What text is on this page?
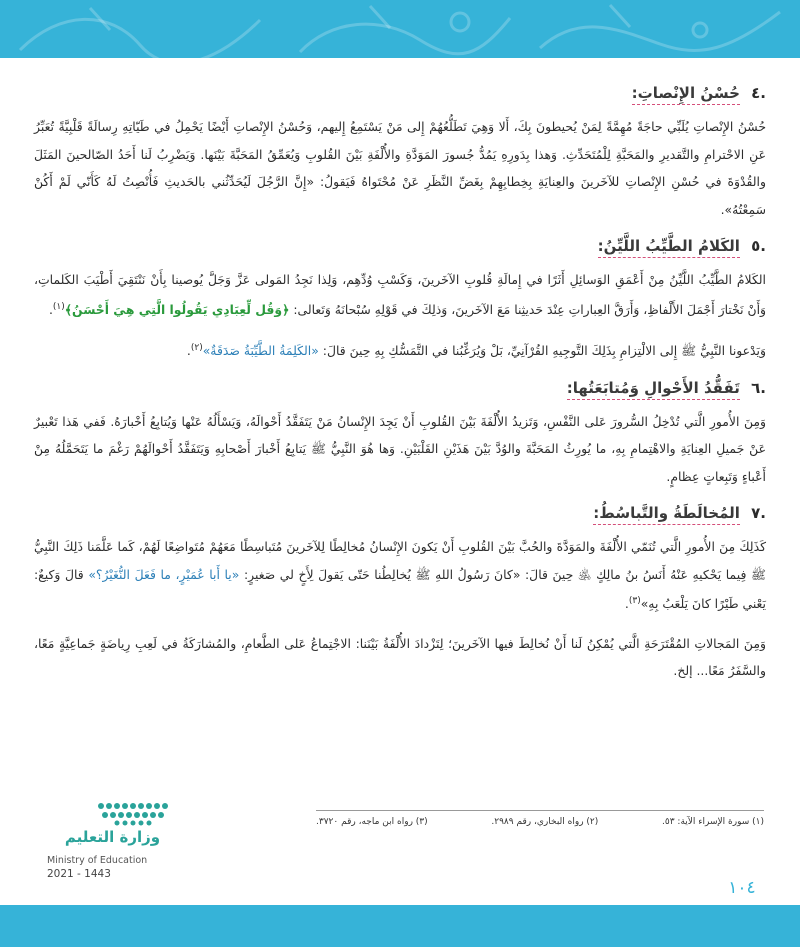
.٤ حُسْنُ الإِنْصاتِ:

حُسْنُ الإِنْصاتِ يُلَبِّي حاجَةً مُهِمَّةً لِمَنْ يُحيطونَ بِكَ، أَلا وَهِيَ تَطَلُّعُهُمْ إِلى مَنْ يَسْتَمِعُ إِليهم، وَحُسْنُ الإِنْصاتِ أَيْضًا يَحْمِلُ في طَيّاتِهِ رِسالَةً قَلْبِيَّةً تُعَبِّرُ عَنِ الاحْترامِ والتَّقديرِ والمَحَبَّةِ لِلْمُتَحَدِّثِ. وَهذا بِدَورِهِ يَمُدُّ جُسورَ المَوَدَّةِ والأُلْفَةِ بَيْنَ القُلوبِ وَيُعَمِّقُ المَحَبَّةَ بَيْنَها. وَيَضْرِبُ لَنا أَحَدُ الصّالحينَ المَثَلَ والقُدْوَةَ في حُسْنِ الإِنْصاتِ للآخَرينَ والعِنايَةِ بِخِطابِهِمْ بِغَضِّ النَّظَرِ عَنْ مُحْتَواهُ فَيَقولُ: «إِنَّ الرَّجُلَ لَيُحَدِّثُني بالحَديثِ فَأُنْصِتُ لَهُ كَأَنّي لَمْ أَكُنْ سَمِعْتُهُ».

.٥ الكَلامُ الطَّيِّبُ اللَّيِّنُ:

الكَلامُ الطَّيِّبُ اللَّيِّنُ مِنْ أَعْمَقِ الوَسائِلِ أَثَرًا في إِمالَةِ قُلوبِ الآخَرينَ، وَكَسْبِ وُدِّهِم، وَلِذا نَجِدُ المَولى عَزَّ وَجَلَّ يُوصينا بِأَنْ نَنْتَقِيَ أَطْيَبَ الكَلماتِ، وَأَنْ نَخْتارَ أَجْمَلَ الأَلْفاظِ، وَأَرَقَّ العِباراتِ عِنْدَ حَديثِنا مَعَ الآخَرينَ، وَذلِكَ في قَوْلِهِ سُبْحانَهُ وَتَعالى: ﴿وَقُل لِّعِبَادِي يَقُولُوا الَّتِي هِيَ أَحْسَنُ﴾$^{(١)}$.

وَيَدْعونا النَّبِيُّ ﷺ إِلى الالْتِزامِ بِذَلِكَ التَّوجِيهِ القُرْآنِيِّ، بَلْ وَيُرَغِّبُنا في التَّمَسُّكِ بِهِ حِينَ قالَ: «الكَلِمَةُ الطَّيِّبَةُ صَدَقَةٌ»$^{(٢)}$.

.٦ تَفَقُّدُ الأَحْوالِ وَمُتابَعَتُها:

وَمِنَ الأُمورِ الَّتي تُدْخِلُ السُّرورَ عَلى النَّفْسِ، وَتَزيدُ الأُلْفَةَ بَيْنَ القُلوبِ أَنْ يَجِدَ الإِنْسانُ مَنْ يَتَفَقَّدُ أَحْوالَهُ، وَيَسْأَلُهُ عَنْها وَيُتابِعُ أَخْبارَهُ. فَفي هَذا تَعْبيرٌ عَنْ جَميلِ العِنايَةِ والاهْتِمامِ بِهِ، ما يُورِثُ المَحَبَّةَ والوُدَّ بَيْنَ هَذَيْنِ القَلْبَيْنِ. وَها هُوَ النَّبِيُّ ﷺ يَتابِعُ أَخْبارَ أَصْحابِهِ وَيَتَفَقَّدُ أَحْوالَهُمْ رَغْمَ ما يَتَحَمَّلُهُ مِنْ أَعْباءٍ وَتَبِعاتٍ عِظامٍ.

.٧ المُخالَطَةُ والتَّباسُطُ:

كَذَلِكَ مِنَ الأُمورِ الَّتي تُنَمّي الأُلْفَةَ والمَوَدَّةَ والحُبَّ بَيْنَ القُلوبِ أَنْ يَكونَ الإِنْسانُ مُخالِطًا لِلآخَرينَ مُتَباسِطًا مَعَهُمْ مُتَواضِعًا لَهُمْ، كَما عَلَّمَنا ذَلِكَ النَّبِيُّ ﷺ فِيما يَحْكيهِ عَنْهُ أَنَسُ بنُ مالِكٍ ﵁ حِينَ قالَ: «كانَ رَسُولُ اللهِ ﷺ يُخالِطُنا حَتّى يَقولَ لِأَخٍ لي صَغيرٍ: «يا أَبا عُمَيْرٍ، ما فَعَلَ النُّغَيْرُ؟» قالَ وَكيعٌ: يَعْني طَيْرًا كانَ يَلْعَبُ بِهِ»$^{(٣)}$.

وَمِنَ المَجالاتِ المُقْتَرَحَةِ الَّتي يُمْكِنُ لَنا أَنْ نُخالِطَ فيها الآخَرينَ؛ لِتَزْدادَ الأُلْفَةُ بَيْنَنا: الاجْتِماعُ عَلى الطَّعامِ، والمُشارَكَةُ في لَعِبِ رِياضَةٍ جَماعِيَّةٍ مَعًا، والسَّفَرُ مَعًا... إلخ.

(١) سورة الإسراء الآية: ٥٣.
(٢) رواه البخاري، رقم ٢٩٨٩.
(٣) رواه ابن ماجه، رقم ٣٧٢٠.
وزارة التعليم
Ministry of Education
2021 - 1443
١٠٤
